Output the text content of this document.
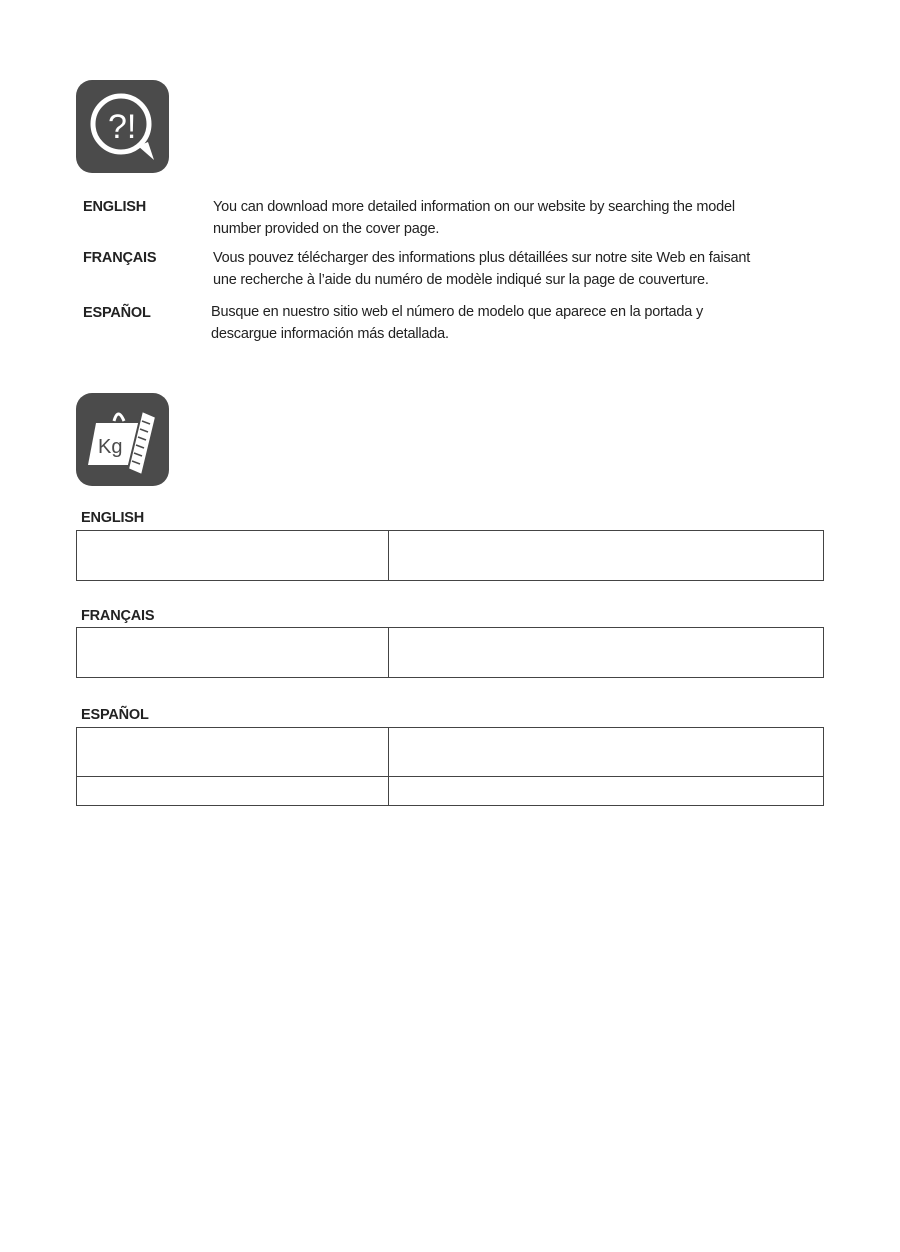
?!
ENGLISH	You can download more detailed information on our website by searching the model
number provided on the cover page.
FRANÇAIS	Vous pouvez télécharger des informations plus détaillées sur notre site Web en faisant
une recherche à l’aide du numéro de modèle indiqué sur la page de couverture.
ESPAÑOL	Busque en nuestro sitio web el número de modelo que aparece en la portada y
descargue información más detallada.
Kg
ENGLISH

FRANÇAIS

ESPAÑOL
